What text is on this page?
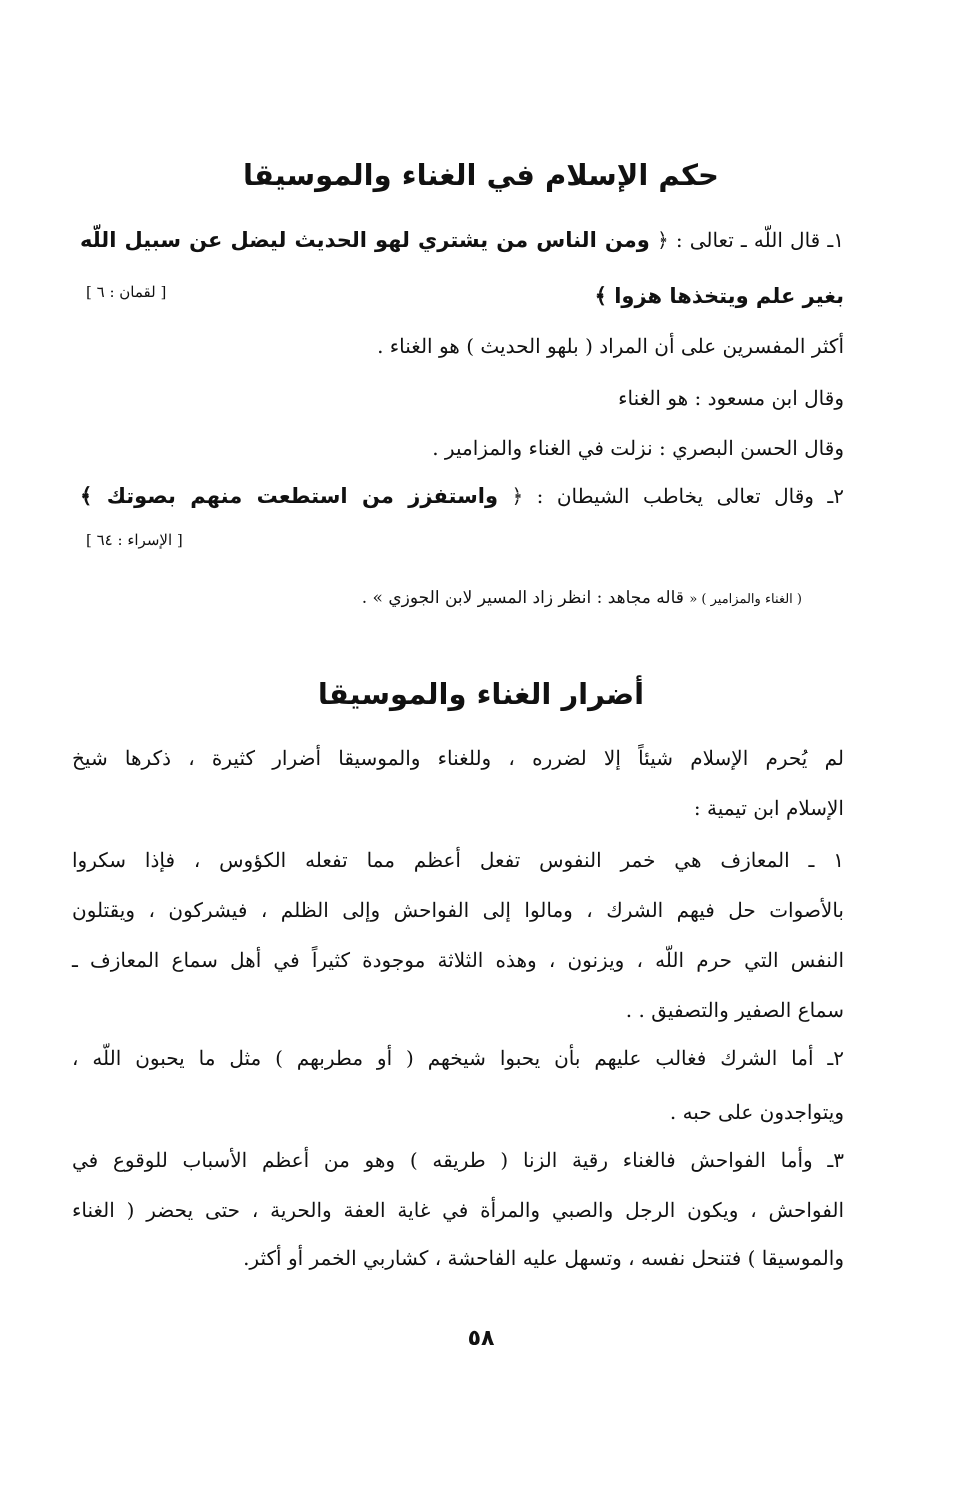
حكم الإسلام في الغناء والموسيقا
١ـ قال اللّه ـ تعالى : ﴿ ومن الناس من يشتري لهو الحديث ليضل عن سبيل اللّه
بغير علم ويتخذها هزوا ﴾
[ لقمان : ٦ ]
أكثر المفسرين على أن المراد ( بلهو الحديث ) هو الغناء .
وقال ابن مسعود : هو الغناء
وقال الحسن البصري : نزلت في الغناء والمزامير .
٢ـ وقال تعالى يخاطب الشيطان : ﴿ واستفزز من استطعت منهم بصوتك ﴾
[ الإسراء : ٦٤ ]
( الغناء والمزامير ) « قاله مجاهد : انظر زاد المسير لابن الجوزي » .
أضرار الغناء والموسيقا
لم يُحرم الإسلام شيئاً إلا لضرره ، وللغناء والموسيقا أضرار كثيرة ، ذكرها شيخ
الإسلام ابن تيمية :
١ ـ المعازف هي خمر النفوس تفعل أعظم مما تفعله الكؤوس ، فإذا سكروا
بالأصوات حل فيهم الشرك ، ومالوا إلى الفواحش وإلى الظلم ، فيشركون ، ويقتلون
النفس التي حرم اللّه ، ويزنون ، وهذه الثلاثة موجودة كثيراً في أهل سماع المعازف ـ
سماع الصفير والتصفيق . .
٢ـ أما الشرك فغالب عليهم بأن يحبوا شيخهم ( أو مطربهم ) مثل ما يحبون اللّه ،
ويتواجدون على حبه .
٣ـ وأما الفواحش فالغناء رقية الزنا ( طريقه ) وهو من أعظم الأسباب للوقوع في
الفواحش ، ويكون الرجل والصبي والمرأة في غاية العفة والحرية ، حتى يحضر ( الغناء
والموسيقا ) فتنحل نفسه ، وتسهل عليه الفاحشة ، كشاربي الخمر أو أكثر.
٥٨
